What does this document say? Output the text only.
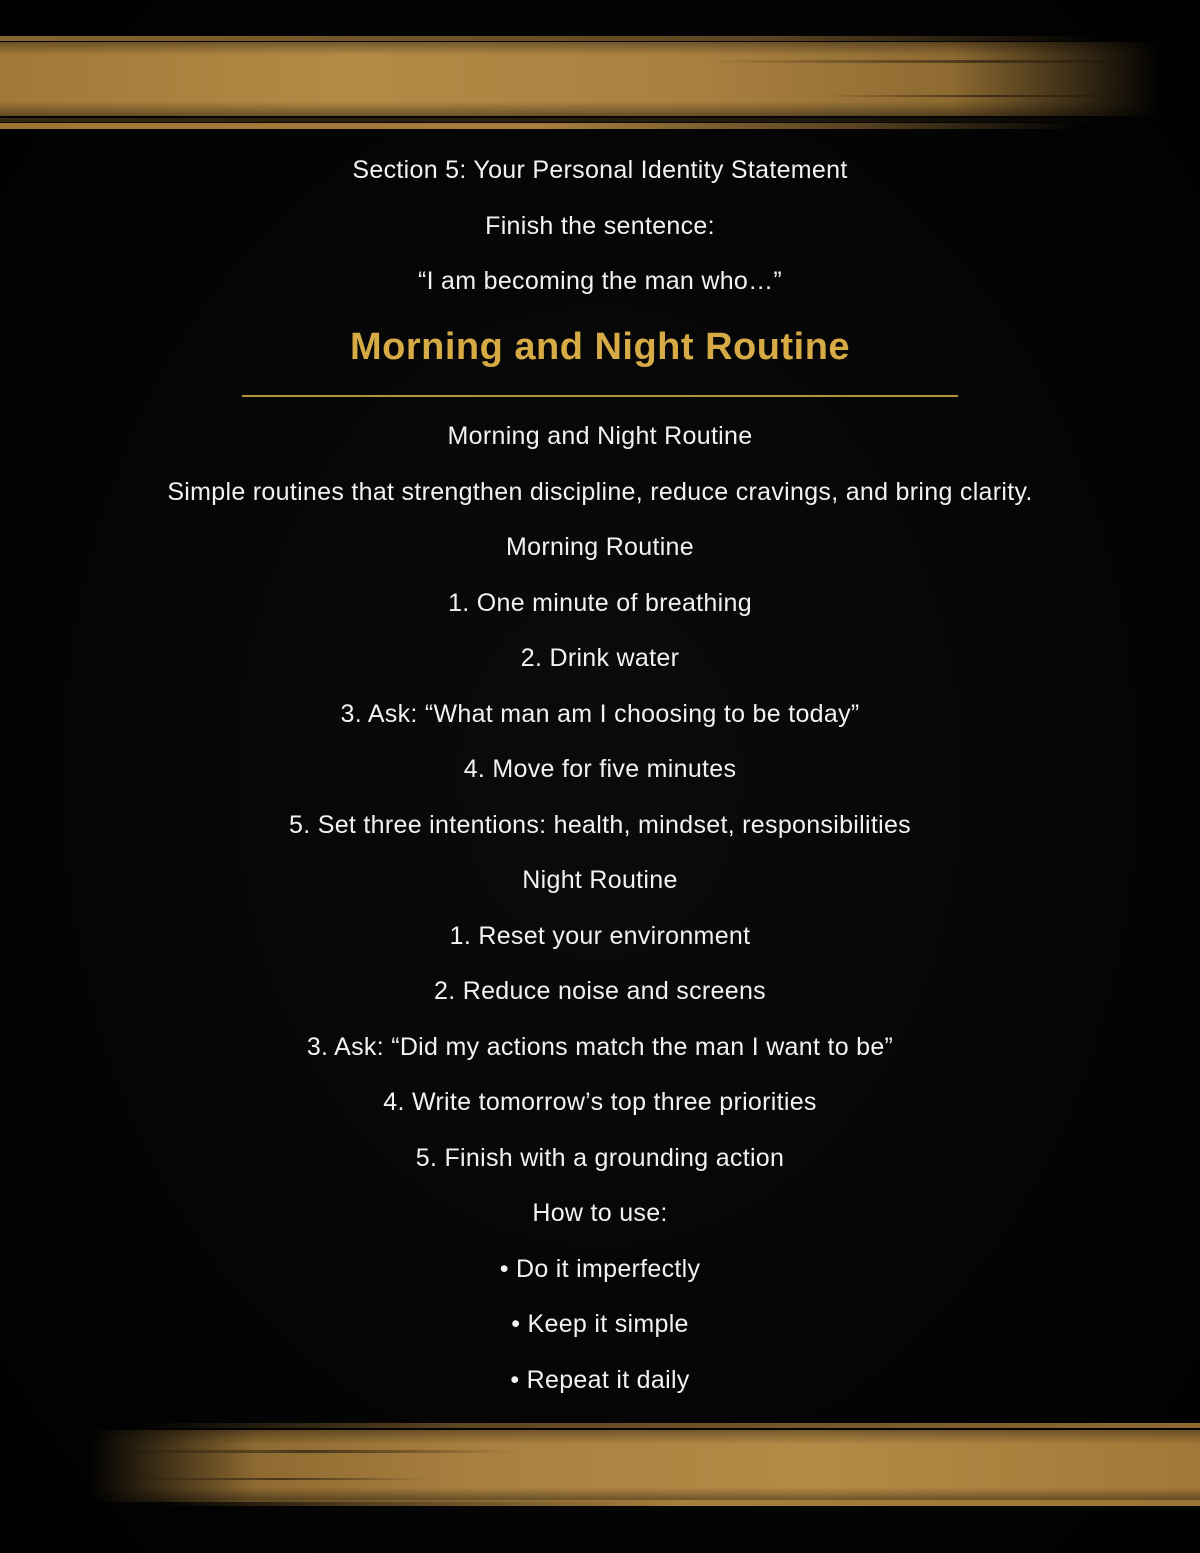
Section 5: Your Personal Identity Statement
Finish the sentence:
“I am becoming the man who…”
Morning and Night Routine
Morning and Night Routine
Simple routines that strengthen discipline, reduce cravings, and bring clarity.
Morning Routine
1. One minute of breathing
2. Drink water
3. Ask: “What man am I choosing to be today”
4. Move for five minutes
5. Set three intentions: health, mindset, responsibilities
Night Routine
1. Reset your environment
2. Reduce noise and screens
3. Ask: “Did my actions match the man I want to be”
4. Write tomorrow’s top three priorities
5. Finish with a grounding action
How to use:
• Do it imperfectly
• Keep it simple
• Repeat it daily
